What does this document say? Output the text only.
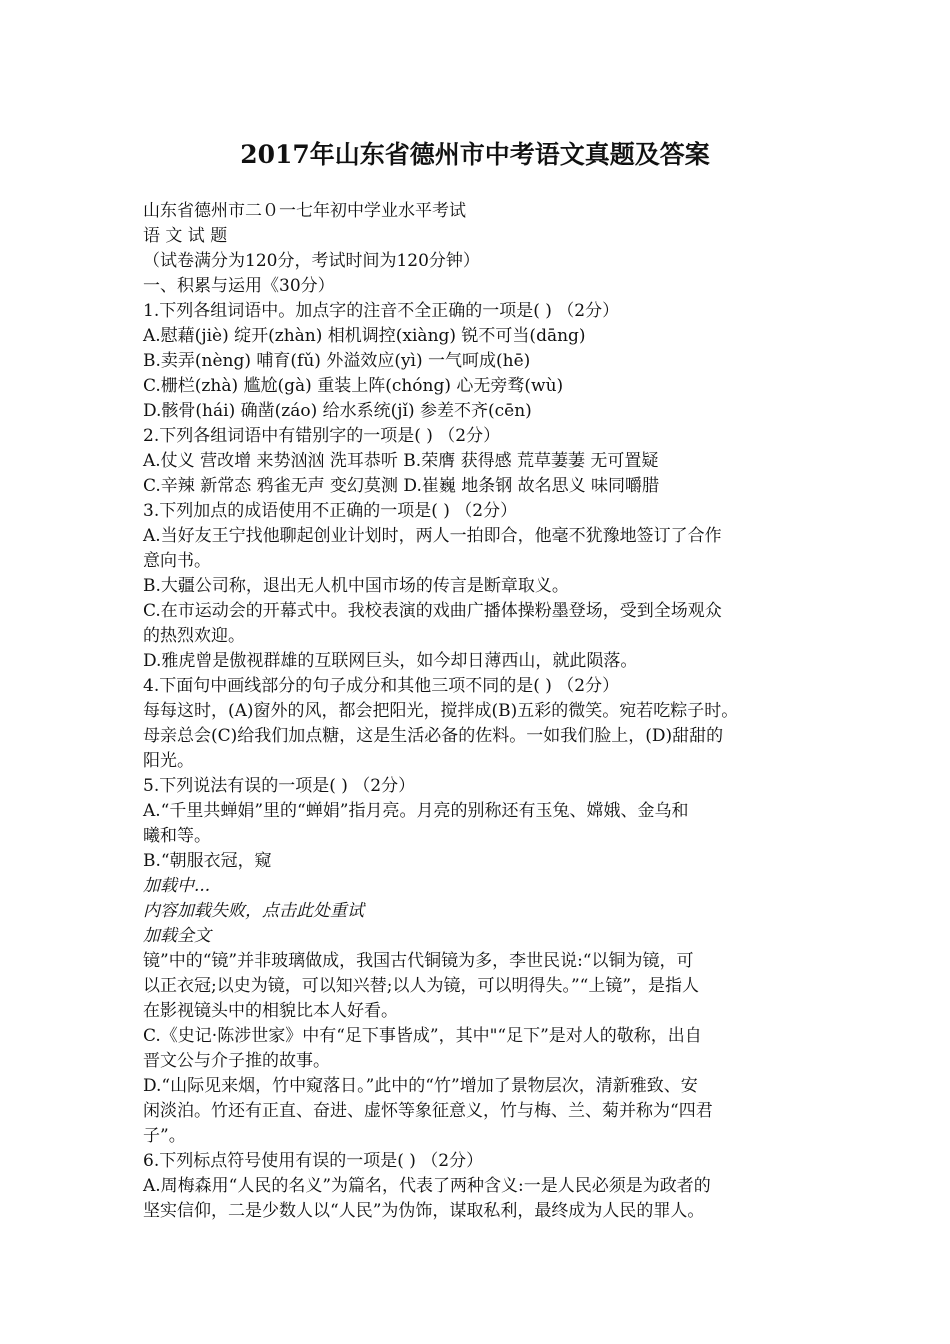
2017年山东省德州市中考语文真题及答案
山东省德州市二０一七年初中学业水平考试
语 文 试 题
（试卷满分为120分，考试时间为120分钟）
一、积累与运用《30分）
1.下列各组词语中。加点字的注音不全正确的一项是( ) （2分）
A.慰藉(jiè) 绽开(zhàn) 相机调控(xiàng) 锐不可当(dāng)
B.卖弄(nèng) 哺育(fǔ) 外溢效应(yì) 一气呵成(hē)
C.栅栏(zhà) 尴尬(gà) 重装上阵(chóng) 心无旁骛(wù)
D.骸骨(hái) 确凿(záo) 给水系统(jǐ) 参差不齐(cēn)
2.下列各组词语中有错别字的一项是( ) （2分）
A.仗义 营改增 来势汹汹 洗耳恭听 B.荣膺 获得感 荒草萋萋 无可置疑
C.辛辣 新常态 鸦雀无声 变幻莫测 D.崔巍 地条钢 故名思义 味同嚼腊
3.下列加点的成语使用不正确的一项是( ) （2分）
A.当好友王宁找他聊起创业计划时，两人一拍即合，他毫不犹豫地签订了合作
意向书。
B.大疆公司称，退出无人机中国市场的传言是断章取义。
C.在市运动会的开幕式中。我校表演的戏曲广播体操粉墨登场，受到全场观众
的热烈欢迎。
D.雅虎曾是傲视群雄的互联网巨头，如今却日薄西山，就此陨落。
4.下面句中画线部分的句子成分和其他三项不同的是( ) （2分）
每每这时，(A)窗外的风，都会把阳光，搅拌成(B)五彩的微笑。宛若吃粽子时。
母亲总会(C)给我们加点糖，这是生活必备的佐料。一如我们脸上，(D)甜甜的
阳光。
5.下列说法有误的一项是( ) （2分）
A.“千里共蝉娟”里的“蝉娟”指月亮。月亮的别称还有玉兔、嫦娥、金乌和
曦和等。
B.“朝服衣冠，窥
加载中...
内容加载失败，点击此处重试
加载全文
镜”中的“镜”并非玻璃做成，我国古代铜镜为多，李世民说:“以铜为镜，可
以正衣冠;以史为镜，可以知兴替;以人为镜，可以明得失。”“上镜”，是指人
在影视镜头中的相貌比本人好看。
C.《史记·陈涉世家》中有“足下事皆成”，其中"“足下”是对人的敬称，出自
晋文公与介子推的故事。
D.“山际见来烟，竹中窥落日。”此中的“竹”增加了景物层次，清新雅致、安
闲淡泊。竹还有正直、奋进、虚怀等象征意义，竹与梅、兰、菊并称为“四君
子”。
6.下列标点符号使用有误的一项是( ) （2分）
A.周梅森用“人民的名义”为篇名，代表了两种含义:一是人民必须是为政者的
坚实信仰，二是少数人以“人民”为伪饰，谋取私利，最终成为人民的罪人。
